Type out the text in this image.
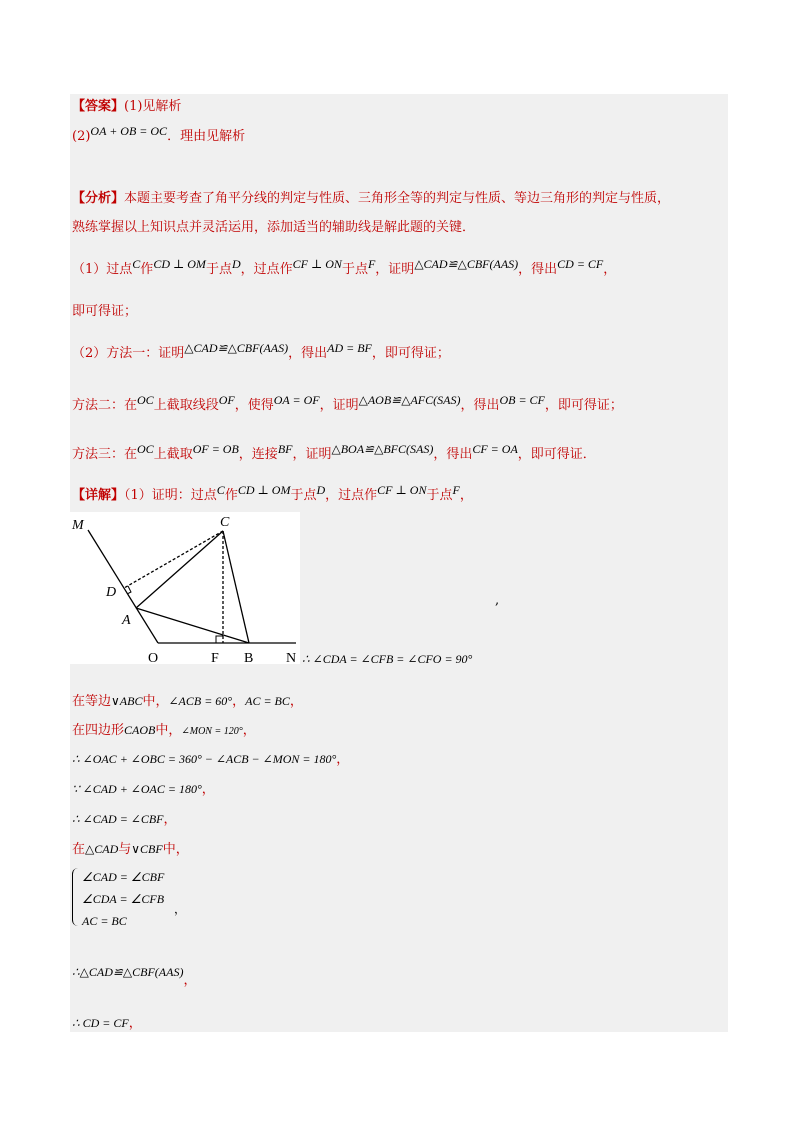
【答案】(1)见解析
(2)OA + OB = OC．理由见解析
【分析】本题主要考查了角平分线的判定与性质、三角形全等的判定与性质、等边三角形的判定与性质，
熟练掌握以上知识点并灵活运用，添加适当的辅助线是解此题的关键．
（1）过点C作CD ⊥ OM于点D，过点作CF ⊥ ON于点F，证明△CAD≌△CBF(AAS)，得出CD = CF，
即可得证；
（2）方法一：证明△CAD≌△CBF(AAS)，得出AD = BF，即可得证；
方法二：在OC上截取线段OF，使得OA = OF，证明△AOB≌△AFC(SAS)，得出OB = CF，即可得证；
方法三：在OC上截取OF = OB，连接BF，证明△BOA≌△BFC(SAS)，得出CF = OA，即可得证．
【详解】（1）证明：过点C作CD ⊥ OM于点D，过点作CF ⊥ ON于点F，
M	C
D
A
O	F B N
,
∴ ∠CDA = ∠CFB = ∠CFO = 90°
在等边∨ABC中，∠ACB = 60°，AC = BC，
在四边形CAOB中，∠MON = 120°，
∴ ∠OAC + ∠OBC = 360° − ∠ACB − ∠MON = 180°，
∵ ∠CAD + ∠OAC = 180°，
∴ ∠CAD = ∠CBF，
在△CAD与∨CBF中，
∠CAD = ∠CBF
∠CDA = ∠CFB
AC = BC
，
∴△CAD≌△CBF(AAS)，
∴ CD = CF，
